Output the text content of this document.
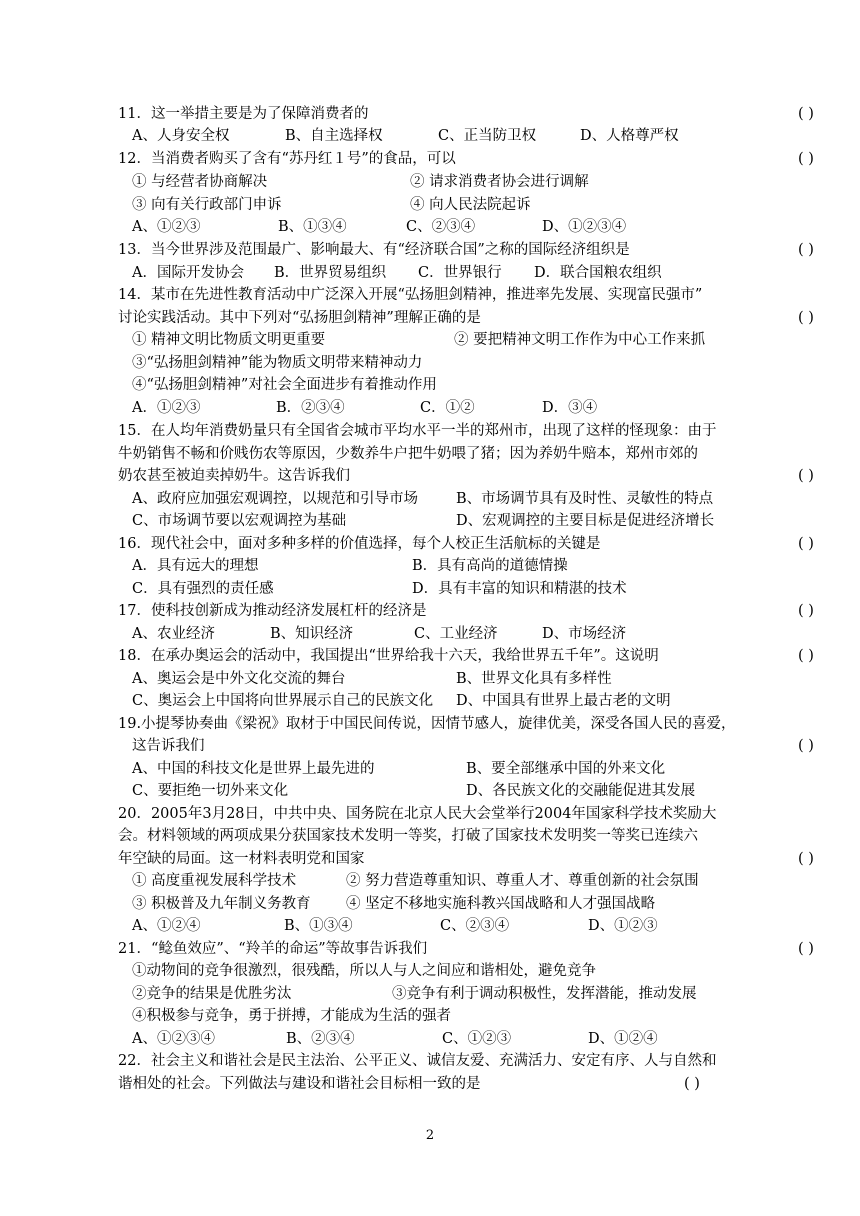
11．这一举措主要是为了保障消费者的	( )
A、人身安全权	B、自主选择权	C、正当防卫权	D、人格尊严权
12．当消费者购买了含有“苏丹红１号”的食品，可以	( )
① 与经营者协商解决	② 请求消费者协会进行调解
③ 向有关行政部门申诉	④ 向人民法院起诉
A、①②③	B、①③④	C、②③④	D、①②③④
13．当今世界涉及范围最广、影响最大、有“经济联合国”之称的国际经济组织是	( )
A．国际开发协会 B．世界贸易组织 C．世界银行 D．联合国粮农组织
14．某市在先进性教育活动中广泛深入开展“弘扬胆剑精神，推进率先发展、实现富民强市”
讨论实践活动。其中下列对“弘扬胆剑精神”理解正确的是	( )
① 精神文明比物质文明更重要	② 要把精神文明工作作为中心工作来抓
③“弘扬胆剑精神”能为物质文明带来精神动力
④“弘扬胆剑精神”对社会全面进步有着推动作用
A．①②③	B．②③④	C．①②	D．③④
15．在人均年消费奶量只有全国省会城市平均水平一半的郑州市，出现了这样的怪现象：由于
牛奶销售不畅和价贱伤农等原因，少数养牛户把牛奶喂了猪；因为养奶牛赔本，郑州市郊的
奶农甚至被迫卖掉奶牛。这告诉我们	( )
A、政府应加强宏观调控，以规范和引导市场	B、市场调节具有及时性、灵敏性的特点
C、市场调节要以宏观调控为基础	D、宏观调控的主要目标是促进经济增长
16．现代社会中，面对多种多样的价值选择，每个人校正生活航标的关键是	( )
A．具有远大的理想	B．具有高尚的道德情操
C．具有强烈的责任感	D．具有丰富的知识和精湛的技术
17．使科技创新成为推动经济发展杠杆的经济是	( )
A、农业经济	B、知识经济	C、工业经济	D、市场经济
18．在承办奥运会的活动中，我国提出“世界给我十六天，我给世界五千年”。这说明	( )
A、奥运会是中外文化交流的舞台	B、世界文化具有多样性
C、奥运会上中国将向世界展示自己的民族文化 D、中国具有世界上最古老的文明
19.小提琴协奏曲《梁祝》取材于中国民间传说，因情节感人，旋律优美，深受各国人民的喜爱，
这告诉我们	( )
A、中国的科技文化是世界上最先进的	B、要全部继承中国的外来文化
C、要拒绝一切外来文化	D、各民族文化的交融能促进其发展
20．2005年3月28日，中共中央、国务院在北京人民大会堂举行2004年国家科学技术奖励大
会。材料领域的两项成果分获国家技术发明一等奖，打破了国家技术发明奖一等奖已连续六
年空缺的局面。这一材料表明党和国家	( )
① 高度重视发展科学技术	② 努力营造尊重知识、尊重人才、尊重创新的社会氛围
③ 积极普及九年制义务教育 ④ 坚定不移地实施科教兴国战略和人才强国战略
A、①②④	B、①③④	C、②③④	D、①②③
21．“鲶鱼效应”、“羚羊的命运”等故事告诉我们	( )
①动物间的竞争很激烈，很残酷，所以人与人之间应和谐相处，避免竞争
②竞争的结果是优胜劣汰	③竞争有利于调动积极性，发挥潜能，推动发展
④积极参与竞争，勇于拼搏，才能成为生活的强者
A、①②③④	B、②③④	C、①②③	D、①②④
22．社会主义和谐社会是民主法治、公平正义、诚信友爱、充满活力、安定有序、人与自然和
谐相处的社会。下列做法与建设和谐社会目标相一致的是	( )
2
